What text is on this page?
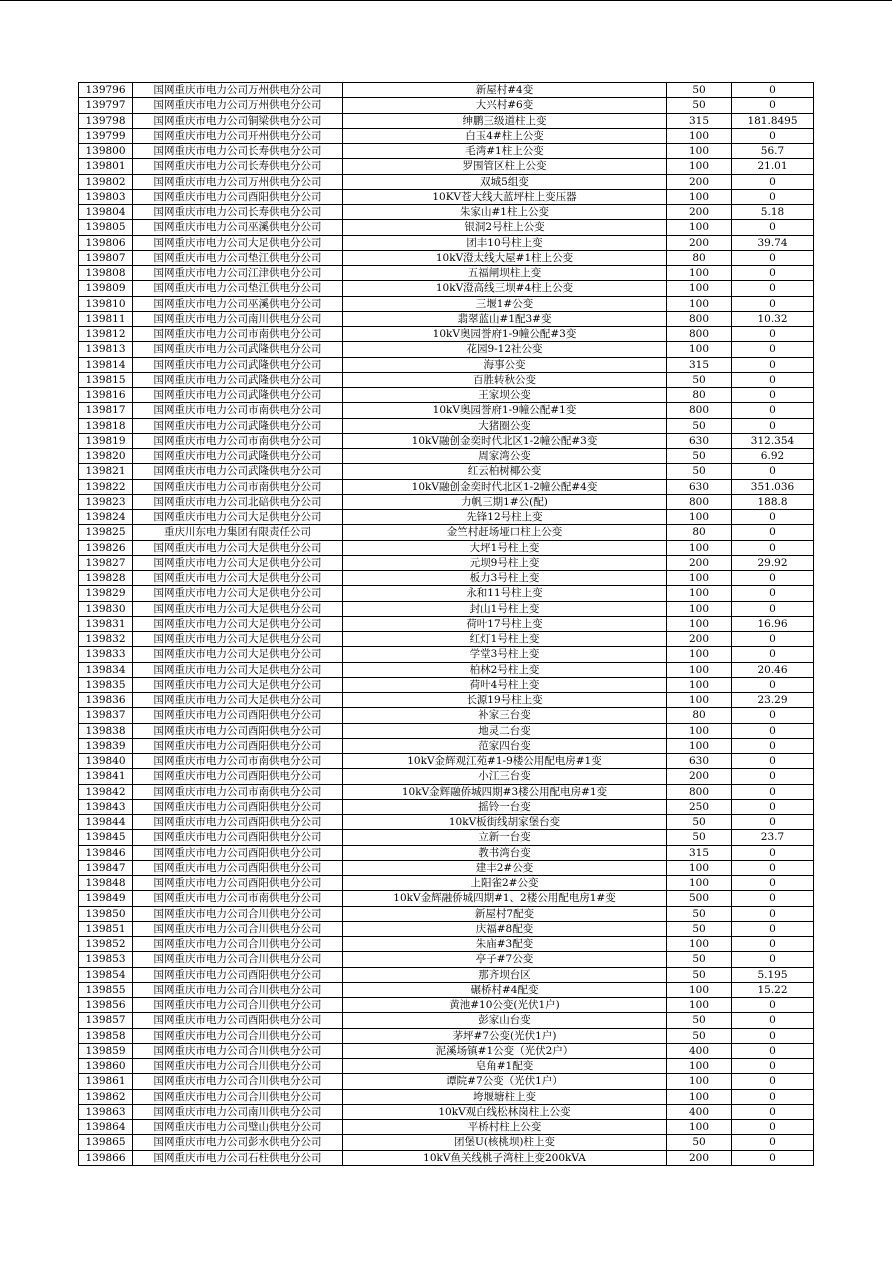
139796	国网重庆市电力公司万州供电分公司	新屋村#4变	50	0
139797	国网重庆市电力公司万州供电分公司	大兴村#6变	50	0
139798	国网重庆市电力公司铜梁供电分公司	绅鹏三级道柱上变	315	181.8495
139799	国网重庆市电力公司开州供电分公司	白玉4#柱上公变	100	0
139800	国网重庆市电力公司长寿供电分公司	毛湾#1柱上公变	100	56.7
139801	国网重庆市电力公司长寿供电分公司	罗围管区柱上公变	100	21.01
139802	国网重庆市电力公司万州供电分公司	双城5组变	200	0
139803	国网重庆市电力公司酉阳供电分公司	10KV苍大线大蓝坪柱上变压器	100	0
139804	国网重庆市电力公司长寿供电分公司	朱家山#1柱上公变	200	5.18
139805	国网重庆市电力公司巫溪供电分公司	银洞2号柱上公变	100	0
139806	国网重庆市电力公司大足供电分公司	团丰10号柱上变	200	39.74
139807	国网重庆市电力公司垫江供电分公司	10kV澄太线大屋#1柱上公变	80	0
139808	国网重庆市电力公司江津供电分公司	五福闸坝柱上变	100	0
139809	国网重庆市电力公司垫江供电分公司	10kV澄高线三坝#4柱上公变	100	0
139810	国网重庆市电力公司巫溪供电分公司	三堰1#公变	100	0
139811	国网重庆市电力公司南川供电分公司	翡翠蓝山#1配3#变	800	10.32
139812	国网重庆市电力公司市南供电分公司	10kV奥园誉府1-9幢公配#3变	800	0
139813	国网重庆市电力公司武隆供电分公司	花园9-12社公变	100	0
139814	国网重庆市电力公司武隆供电分公司	海事公变	315	0
139815	国网重庆市电力公司武隆供电分公司	百胜转秋公变	50	0
139816	国网重庆市电力公司武隆供电分公司	王家坝公变	80	0
139817	国网重庆市电力公司市南供电分公司	10kV奥园誉府1-9幢公配#1变	800	0
139818	国网重庆市电力公司武隆供电分公司	大猪圈公变	50	0
139819	国网重庆市电力公司市南供电分公司	10kV融创金奕时代北区1-2幢公配#3变	630	312.354
139820	国网重庆市电力公司武隆供电分公司	周家湾公变	50	6.92
139821	国网重庆市电力公司武隆供电分公司	红云柏树椰公变	50	0
139822	国网重庆市电力公司市南供电分公司	10kV融创金奕时代北区1-2幢公配#4变	630	351.036
139823	国网重庆市电力公司北碚供电分公司	力帆三期1#公(配)	800	188.8
139824	国网重庆市电力公司大足供电分公司	先锋12号柱上变	100	0
139825	重庆川东电力集团有限责任公司	金竺村赶场垭口柱上公变	80	0
139826	国网重庆市电力公司大足供电分公司	大坪1号柱上变	100	0
139827	国网重庆市电力公司大足供电分公司	元坝9号柱上变	200	29.92
139828	国网重庆市电力公司大足供电分公司	板力3号柱上变	100	0
139829	国网重庆市电力公司大足供电分公司	永和11号柱上变	100	0
139830	国网重庆市电力公司大足供电分公司	封山1号柱上变	100	0
139831	国网重庆市电力公司大足供电分公司	荷叶17号柱上变	100	16.96
139832	国网重庆市电力公司大足供电分公司	红灯1号柱上变	200	0
139833	国网重庆市电力公司大足供电分公司	学堂3号柱上变	100	0
139834	国网重庆市电力公司大足供电分公司	柏林2号柱上变	100	20.46
139835	国网重庆市电力公司大足供电分公司	荷叶4号柱上变	100	0
139836	国网重庆市电力公司大足供电分公司	长源19号柱上变	100	23.29
139837	国网重庆市电力公司酉阳供电分公司	补家三台变	80	0
139838	国网重庆市电力公司酉阳供电分公司	地灵二台变	100	0
139839	国网重庆市电力公司酉阳供电分公司	范家四台变	100	0
139840	国网重庆市电力公司市南供电分公司	10kV金辉观江苑#1-9楼公用配电房#1变	630	0
139841	国网重庆市电力公司酉阳供电分公司	小江三台变	200	0
139842	国网重庆市电力公司市南供电分公司	10kV金辉融侨城四期#3楼公用配电房#1变	800	0
139843	国网重庆市电力公司酉阳供电分公司	摇铃一台变	250	0
139844	国网重庆市电力公司酉阳供电分公司	10kV板街线胡家堡台变	50	0
139845	国网重庆市电力公司酉阳供电分公司	立新一台变	50	23.7
139846	国网重庆市电力公司酉阳供电分公司	教书湾台变	315	0
139847	国网重庆市电力公司酉阳供电分公司	建丰2#公变	100	0
139848	国网重庆市电力公司酉阳供电分公司	上阳雀2#公变	100	0
139849	国网重庆市电力公司市南供电分公司	10kV金辉融侨城四期#1、2楼公用配电房1#变	500	0
139850	国网重庆市电力公司合川供电分公司	新屋村7配变	50	0
139851	国网重庆市电力公司合川供电分公司	庆福#8配变	50	0
139852	国网重庆市电力公司合川供电分公司	朱庙#3配变	100	0
139853	国网重庆市电力公司合川供电分公司	亭子#7公变	50	0
139854	国网重庆市电力公司酉阳供电分公司	那齐坝台区	50	5.195
139855	国网重庆市电力公司合川供电分公司	碾桥村#4配变	100	15.22
139856	国网重庆市电力公司合川供电分公司	黄池#10公变(光伏1户)	100	0
139857	国网重庆市电力公司酉阳供电分公司	彭家山台变	50	0
139858	国网重庆市电力公司合川供电分公司	茅坪#7公变(光伏1户)	50	0
139859	国网重庆市电力公司合川供电分公司	泥溪场镇#1公变（光伏2户）	400	0
139860	国网重庆市电力公司合川供电分公司	皂角#1配变	100	0
139861	国网重庆市电力公司合川供电分公司	谭院#7公变（光伏1户）	100	0
139862	国网重庆市电力公司合川供电分公司	垮堰塘柱上变	100	0
139863	国网重庆市电力公司南川供电分公司	10kV观白线松林岗柱上公变	400	0
139864	国网重庆市电力公司璧山供电分公司	平桥村柱上公变	100	0
139865	国网重庆市电力公司彭水供电分公司	团堡U(核桃坝)柱上变	50	0
139866	国网重庆市电力公司石柱供电分公司	10kV鱼关线桃子湾柱上变200kVA	200	0
